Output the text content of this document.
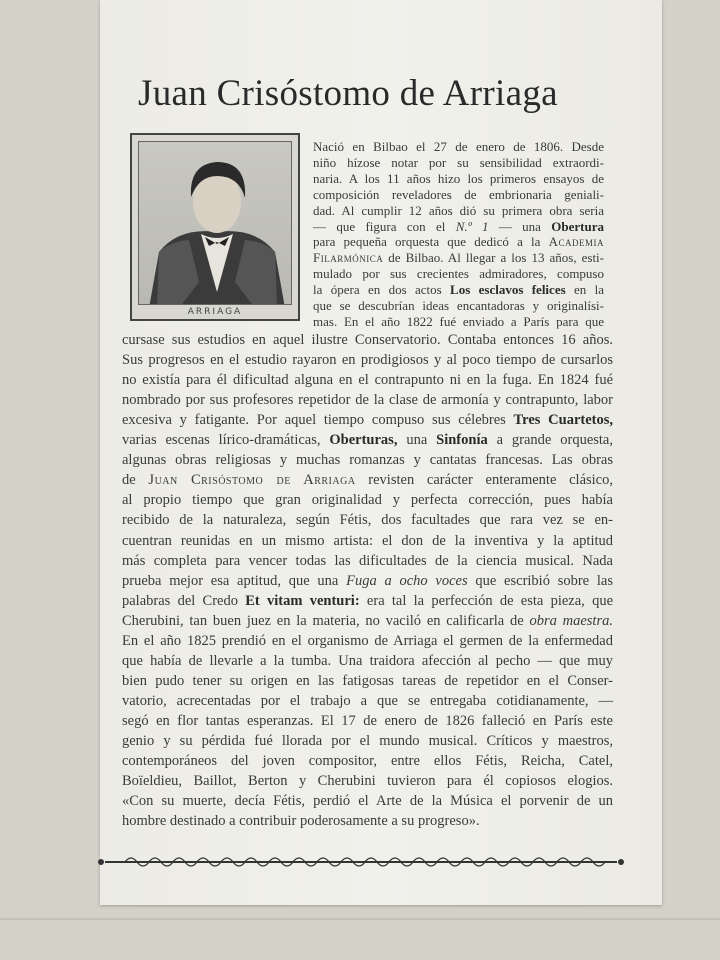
Juan Crisóstomo de Arriaga
ARRIAGA
Nació en Bilbao el 27 de enero de 1806. Desde
niño hízose notar por su sensibilidad extraordi-
naria. A los 11 años hizo los primeros ensayos de
composición reveladores de embrionaria geniali-
dad. Al cumplir 12 años dió su primera obra seria
— que figura con el N.º 1 — una Obertura
para pequeña orquesta que dedicó a la Academia
Filarmónica de Bilbao. Al llegar a los 13 años, esti-
mulado por sus crecientes admiradores, compuso
la ópera en dos actos Los esclavos felices en la
que se descubrían ideas encantadoras y originalísi-
mas. En el año 1822 fué enviado a París para que
cursase sus estudios en aquel ilustre Conservatorio. Contaba entonces 16 años.
Sus progresos en el estudio rayaron en prodigiosos y al poco tiempo de cursarlos
no existía para él dificultad alguna en el contrapunto ni en la fuga. En 1824 fué
nombrado por sus profesores repetidor de la clase de armonía y contrapunto, labor
excesiva y fatigante. Por aquel tiempo compuso sus célebres Tres Cuartetos,
varias escenas lírico-dramáticas, Oberturas, una Sinfonía a grande orquesta,
algunas obras religiosas y muchas romanzas y cantatas francesas. Las obras
de Juan Crisóstomo de Arriaga revisten carácter enteramente clásico,
al propio tiempo que gran originalidad y perfecta corrección, pues había
recibido de la naturaleza, según Fétis, dos facultades que rara vez se en-
cuentran reunidas en un mismo artista: el don de la inventiva y la aptitud
más completa para vencer todas las dificultades de la ciencia musical. Nada
prueba mejor esa aptitud, que una Fuga a ocho voces que escribió sobre las
palabras del Credo Et vitam venturi: era tal la perfección de esta pieza, que
Cherubini, tan buen juez en la materia, no vaciló en calificarla de obra maestra.
En el año 1825 prendió en el organismo de Arriaga el germen de la enfermedad
que había de llevarle a la tumba. Una traidora afección al pecho — que muy
bien pudo tener su origen en las fatigosas tareas de repetidor en el Conser-
vatorio, acrecentadas por el trabajo a que se entregaba cotidianamente, —
segó en flor tantas esperanzas. El 17 de enero de 1826 falleció en París este
genio y su pérdida fué llorada por el mundo musical. Críticos y maestros,
contemporáneos del joven compositor, entre ellos Fétis, Reicha, Catel,
Boïeldieu, Baillot, Berton y Cherubini tuvieron para él copiosos elogios.
«Con su muerte, decía Fétis, perdió el Arte de la Música el porvenir de un
hombre destinado a contribuir poderosamente a su progreso».
